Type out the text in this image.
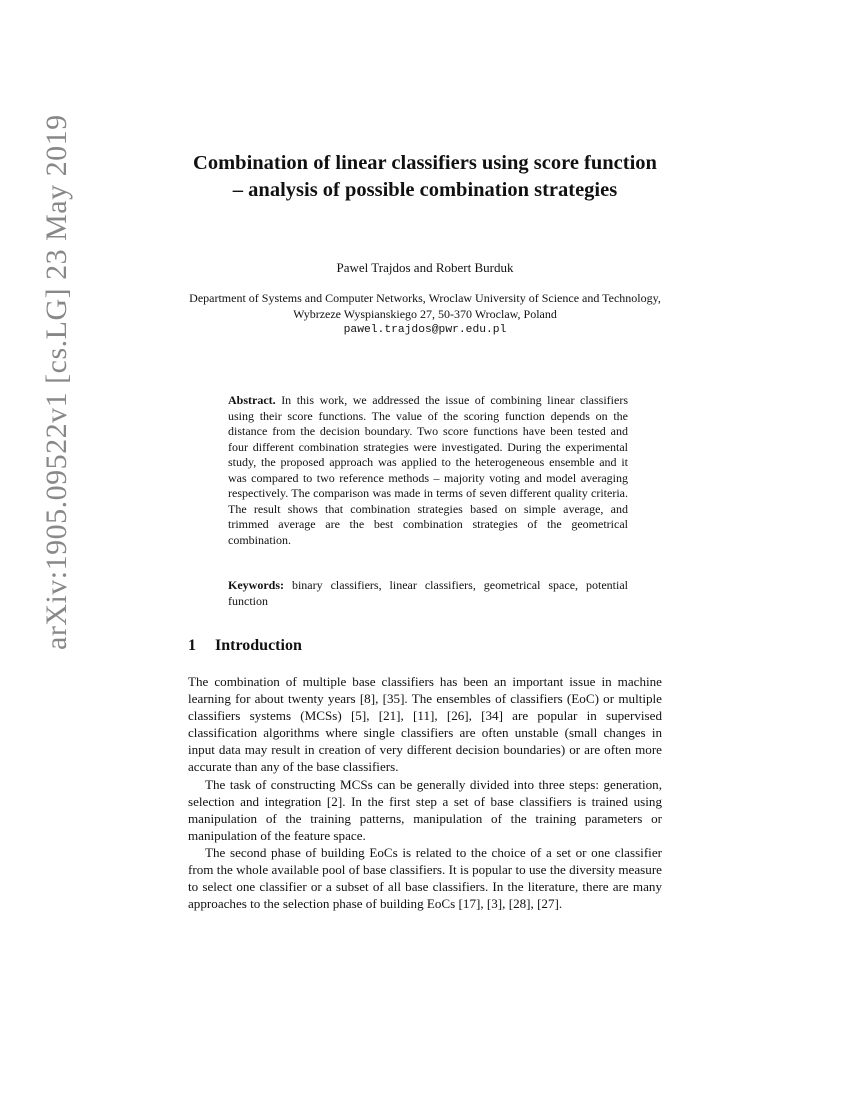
arXiv:1905.09522v1 [cs.LG] 23 May 2019	Combination of linear classifiers using score function – analysis of possible combination strategies
Pawel Trajdos and Robert Burduk
Department of Systems and Computer Networks, Wroclaw University of Science and Technology,
Wybrzeze Wyspianskiego 27, 50-370 Wroclaw, Poland
pawel.trajdos@pwr.edu.pl
Abstract. In this work, we addressed the issue of combining linear classifiers using their score functions. The value of the scoring function depends on the distance from the decision boundary. Two score functions have been tested and four different combination strategies were investigated. During the experimental study, the proposed approach was applied to the heterogeneous ensemble and it was compared to two reference methods – majority voting and model averaging respectively. The comparison was made in terms of seven different quality criteria. The result shows that combination strategies based on simple average, and trimmed average are the best combination strategies of the geometrical combination.
Keywords: binary classifiers, linear classifiers, geometrical space, potential function
1 Introduction

The combination of multiple base classifiers has been an important issue in machine learning for about twenty years [8], [35]. The ensembles of classifiers (EoC) or multiple classifiers systems (MCSs) [5], [21], [11], [26], [34] are popular in supervised classification algorithms where single classifiers are often unstable (small changes in input data may result in creation of very different decision boundaries) or are often more accurate than any of the base classifiers.

The task of constructing MCSs can be generally divided into three steps: generation, selection and integration [2]. In the first step a set of base classifiers is trained using manipulation of the training patterns, manipulation of the training parameters or manipulation of the feature space.

The second phase of building EoCs is related to the choice of a set or one classifier from the whole available pool of base classifiers. It is popular to use the diversity measure to select one classifier or a subset of all base classifiers. In the literature, there are many approaches to the selection phase of building EoCs [17], [3], [28], [27].
